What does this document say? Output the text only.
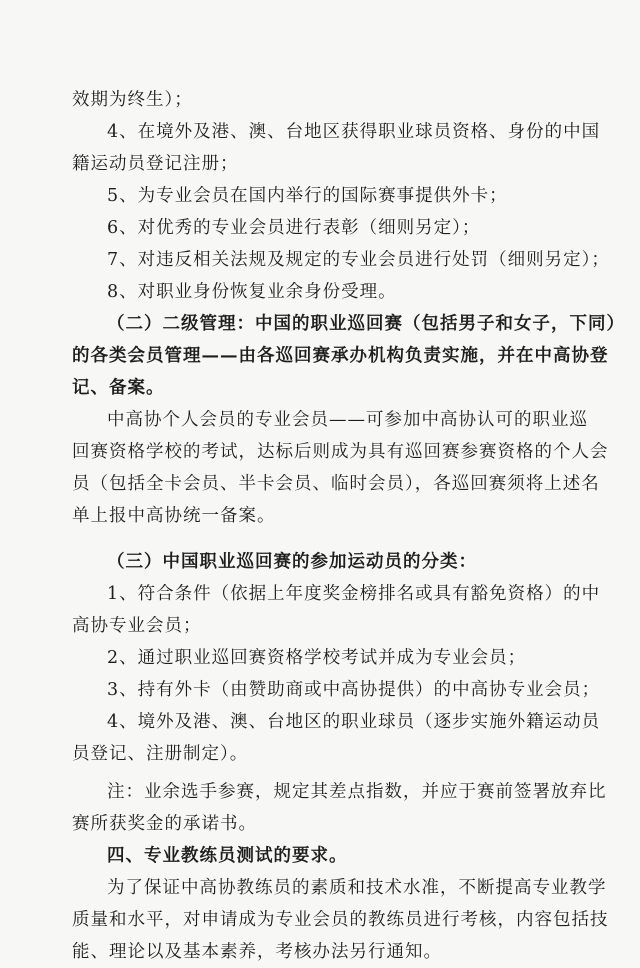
效期为终生）；
4、在境外及港、澳、台地区获得职业球员资格、身份的中国
籍运动员登记注册；
5、为专业会员在国内举行的国际赛事提供外卡；
6、对优秀的专业会员进行表彰（细则另定）；
7、对违反相关法规及规定的专业会员进行处罚（细则另定）；
8、对职业身份恢复业余身份受理。
（二）二级管理：中国的职业巡回赛（包括男子和女子，下同）
的各类会员管理——由各巡回赛承办机构负责实施，并在中高协登
记、备案。
中高协个人会员的专业会员——可参加中高协认可的职业巡
回赛资格学校的考试，达标后则成为具有巡回赛参赛资格的个人会
员（包括全卡会员、半卡会员、临时会员），各巡回赛须将上述名
单上报中高协统一备案。
（三）中国职业巡回赛的参加运动员的分类：
1、符合条件（依据上年度奖金榜排名或具有豁免资格）的中
高协专业会员；
2、通过职业巡回赛资格学校考试并成为专业会员；
3、持有外卡（由赞助商或中高协提供）的中高协专业会员；
4、境外及港、澳、台地区的职业球员（逐步实施外籍运动员
员登记、注册制定）。
注：业余选手参赛，规定其差点指数，并应于赛前签署放弃比
赛所获奖金的承诺书。
四、专业教练员测试的要求。
为了保证中高协教练员的素质和技术水准，不断提高专业教学
质量和水平，对申请成为专业会员的教练员进行考核，内容包括技
能、理论以及基本素养，考核办法另行通知。
